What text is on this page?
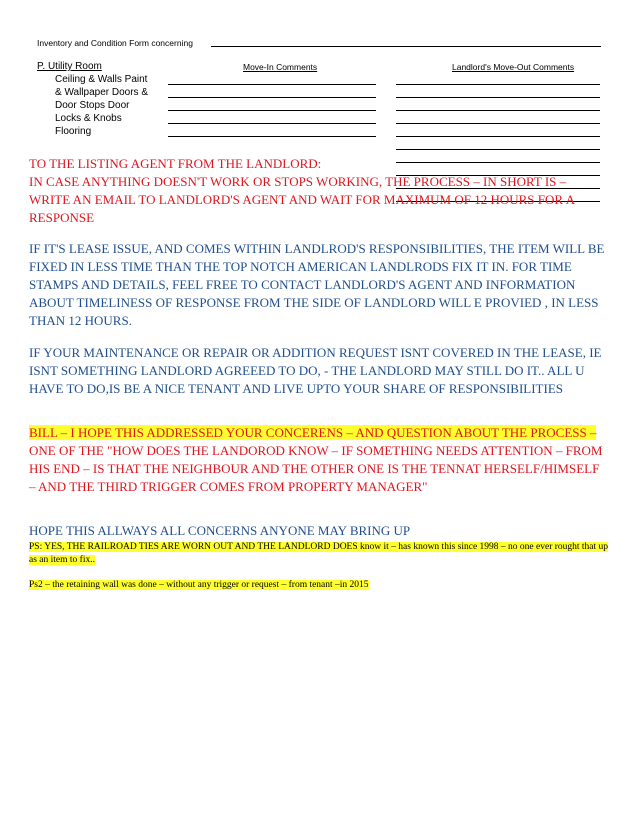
Inventory and Condition Form concerning
P. Utility Room	Move-In Comments	Landlord's Move-Out Comments
Ceiling & Walls Paint
& Wallpaper Doors &
Door Stops Door
Locks & Knobs
Flooring

TO THE LISTING AGENT FROM THE LANDLORD:
IN CASE ANYTHING DOESN'T WORK OR STOPS WORKING, THE PROCESS – IN SHORT IS – WRITE AN EMAIL TO LANDLORD'S AGENT AND WAIT FOR MAXIMUM OF 12 HOURS FOR A RESPONSE

IF IT'S LEASE ISSUE, AND COMES WITHIN LANDLROD'S RESPONSIBILITIES, THE ITEM WILL BE FIXED IN LESS TIME THAN THE TOP NOTCH AMERICAN LANDLRODS FIX IT IN. FOR TIME STAMPS AND DETAILS, FEEL FREE TO CONTACT LANDLORD'S AGENT AND INFORMATION ABOUT TIMELINESS OF RESPONSE FROM THE SIDE OF LANDLORD WILL E PROVIED , IN LESS THAN 12 HOURS.

IF YOUR MAINTENANCE OR REPAIR OR ADDITION REQUEST ISNT COVERED IN THE LEASE, IE ISNT SOMETHING LANDLORD AGREEED TO DO, - THE LANDLORD MAY STILL DO IT.. ALL U HAVE TO DO,IS BE A NICE TENANT AND LIVE UPTO YOUR SHARE OF RESPONSIBILITIES

BILL – I HOPE THIS ADDRESSED YOUR CONCERENS – AND QUESTION ABOUT THE PROCESS – ONE OF THE "HOW DOES THE LANDOROD KNOW – IF SOMETHING NEEDS ATTENTION – FROM HIS END – IS THAT THE NEIGHBOUR AND THE OTHER ONE IS THE TENNAT HERSELF/HIMSELF – AND THE THIRD TRIGGER COMES FROM PROPERTY MANAGER"

HOPE THIS ALLWAYS ALL CONCERNS ANYONE MAY BRING UP

PS: YES, THE RAILROAD TIES ARE WORN OUT AND THE LANDLORD DOES know it – has known this since 1998 – no one ever rought that up as an item to fix..

Ps2 – the retaining wall was done – without any trigger or request – from tenant –in 2015
